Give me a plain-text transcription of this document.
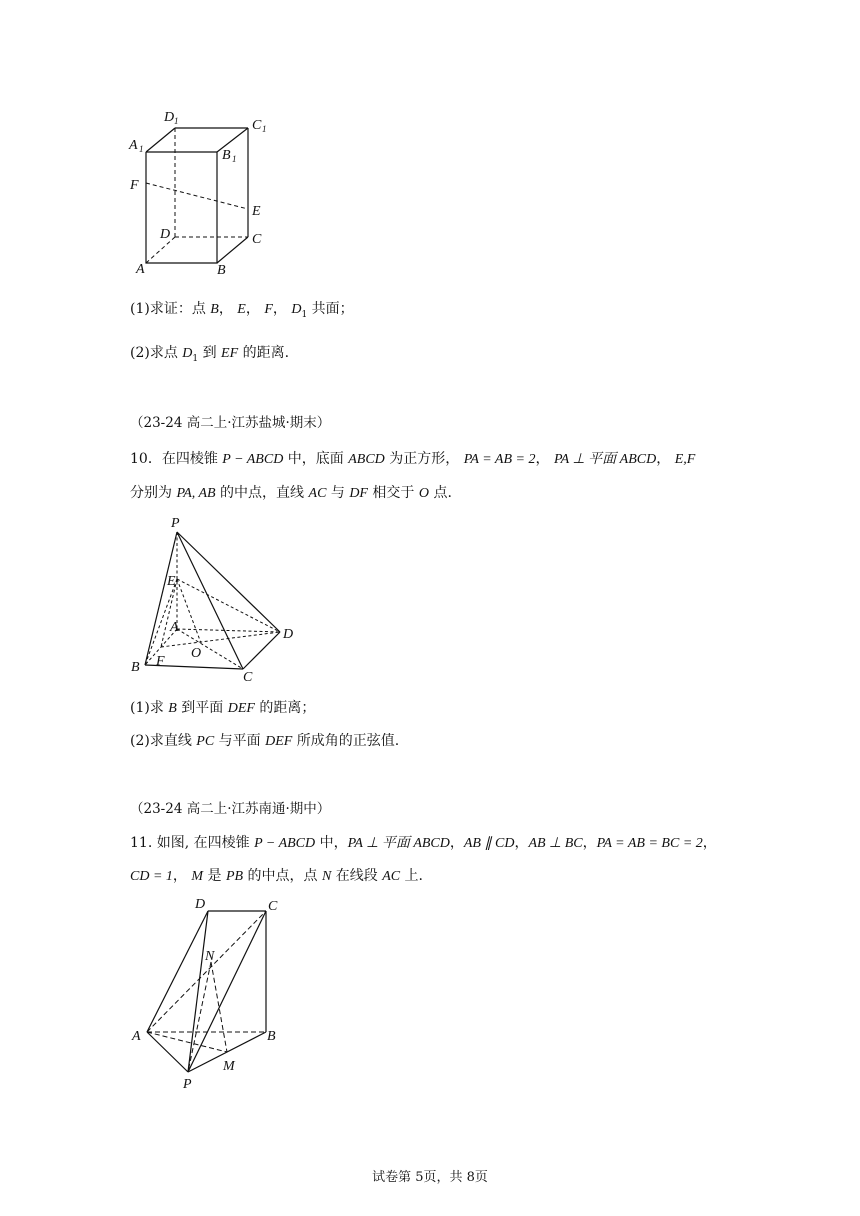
D 1	C 1
A 1	B 1
F
E
D	C
A	B
(1)求证：点 B， E， F， $D_1$ 共面；
(2)求点 $D_1$ 到 EF 的距离.
（23-24 高二上·江苏盐城·期末）
10．在四棱锥 P − ABCD 中，底面 ABCD 为正方形， PA = AB = 2， PA ⊥ 平面 ABCD， E,F
分别为 PA, AB 的中点，直线 AC 与 DF 相交于 O 点.
P
E
A	D
B F
O
C
(1)求 B 到平面 DEF 的距离；
(2)求直线 PC 与平面 DEF 所成角的正弦值.
（23-24 高二上·江苏南通·期中）
11. 如图, 在四棱锥 P − ABCD 中，PA ⊥ 平面 ABCD，AB ∥ CD，AB ⊥ BC，PA = AB = BC = 2，
CD = 1， M 是 PB 的中点，点 N 在线段 AC 上.
D	C
N
A	B
P
M
试卷第 5页，共 8页
